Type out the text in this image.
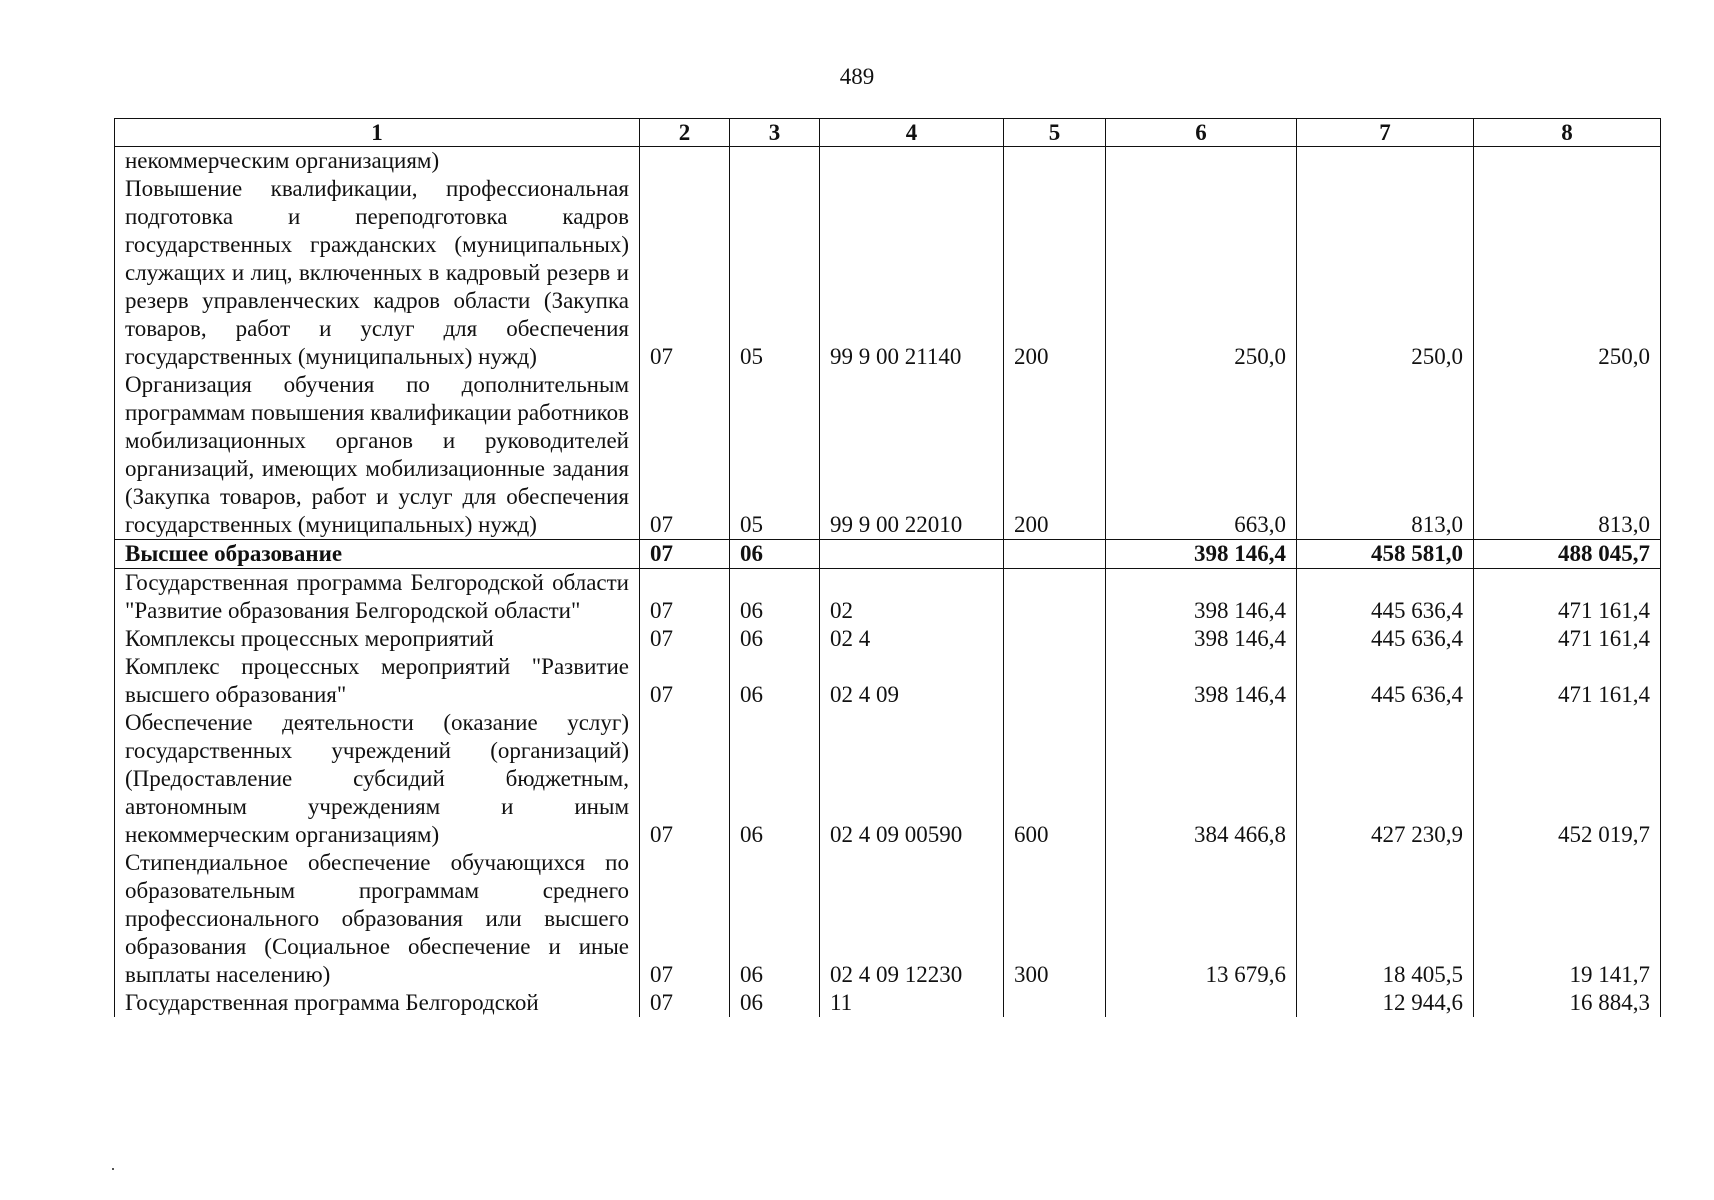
489
1	2	3	4	5	6	7	8
некоммерческим организациям)							
Повышение квалификации, профессиональная подготовка и переподготовка кадров государственных гражданских (муниципальных) служащих и лиц, включенных в кадровый резерв и резерв управленческих кадров области (Закупка товаров, работ и услуг для обеспечения государственных (муниципальных) нужд)	07	05	99 9 00 21140	200	250,0	250,0	250,0
Организация обучения по дополнительным программам повышения квалификации работников мобилизационных органов и руководителей организаций, имеющих мобилизационные задания (Закупка товаров, работ и услуг для обеспечения государственных (муниципальных) нужд)	07	05	99 9 00 22010	200	663,0	813,0	813,0
Высшее образование	07	06			398 146,4	458 581,0	488 045,7
Государственная программа Белгородской области "Развитие образования Белгородской области"	07	06	02		398 146,4	445 636,4	471 161,4
Комплексы процессных мероприятий	07	06	02 4		398 146,4	445 636,4	471 161,4
Комплекс процессных мероприятий "Развитие высшего образования"	07	06	02 4 09		398 146,4	445 636,4	471 161,4
Обеспечение деятельности (оказание услуг) государственных учреждений (организаций) (Предоставление субсидий бюджетным, автономным учреждениям и иным некоммерческим организациям)	07	06	02 4 09 00590	600	384 466,8	427 230,9	452 019,7
Стипендиальное обеспечение обучающихся по образовательным программам среднего профессионального образования или высшего образования (Социальное обеспечение и иные выплаты населению)	07	06	02 4 09 12230	300	13 679,6	18 405,5	19 141,7
Государственная программа Белгородской	07	06	11			12 944,6	16 884,3
